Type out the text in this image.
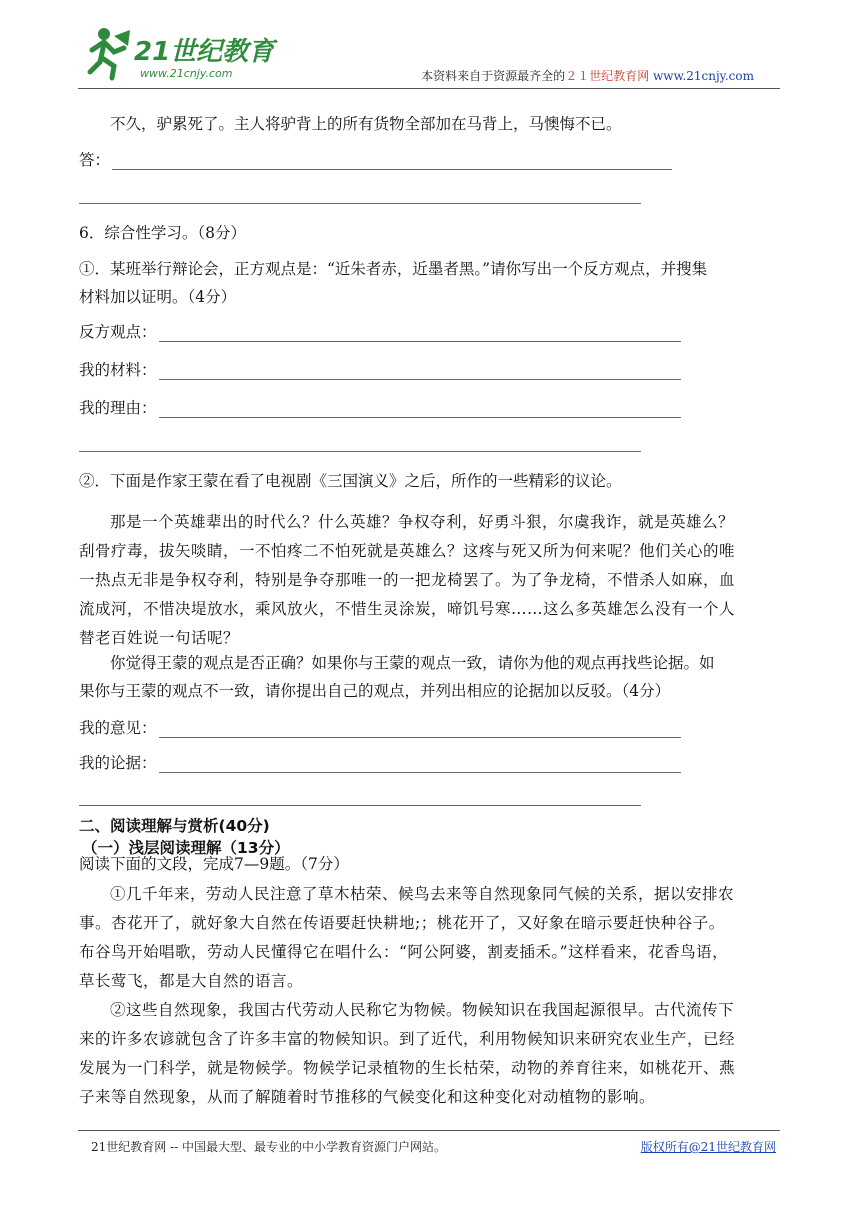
21世纪教育
www.21cnjy.com	本资料来自于资源最齐全的２１世纪教育网 www.21cnjy.com

不久，驴累死了。主人将驴背上的所有货物全部加在马背上，马懊悔不已。

答：

6．综合性学习。（8分）

①．某班举行辩论会，正方观点是：“近朱者赤，近墨者黑。”请你写出一个反方观点，并搜集

材料加以证明。（4分）

反方观点：
我的材料：
我的理由：

②．下面是作家王蒙在看了电视剧《三国演义》之后，所作的一些精彩的议论。

那是一个英雄辈出的时代么？什么英雄？争权夺利，好勇斗狠，尔虞我诈，就是英雄么？

刮骨疗毒，拔矢啖睛，一不怕疼二不怕死就是英雄么？这疼与死又所为何来呢？他们关心的唯

一热点无非是争权夺利，特别是争夺那唯一的一把龙椅罢了。为了争龙椅，不惜杀人如麻，血

流成河，不惜决堤放水，乘风放火，不惜生灵涂炭，啼饥号寒……这么多英雄怎么没有一个人

替老百姓说一句话呢？

你觉得王蒙的观点是否正确？如果你与王蒙的观点一致，请你为他的观点再找些论据。如

果你与王蒙的观点不一致，请你提出自己的观点，并列出相应的论据加以反驳。（4分）

我的意见：
我的论据：
二、阅读理解与赏析(40分)
（一）浅层阅读理解（13分）

阅读下面的文段，完成7—9题。（7分）

①几千年来，劳动人民注意了草木枯荣、候鸟去来等自然现象同气候的关系，据以安排农

事。杏花开了，就好象大自然在传语要赶快耕地;；桃花开了，又好象在暗示要赶快种谷子。

布谷鸟开始唱歌，劳动人民懂得它在唱什么：“阿公阿婆，割麦插禾。”这样看来，花香鸟语，

草长莺飞，都是大自然的语言。

②这些自然现象，我国古代劳动人民称它为物候。物候知识在我国起源很早。古代流传下

来的许多农谚就包含了许多丰富的物候知识。到了近代，利用物候知识来研究农业生产，已经

发展为一门科学，就是物候学。物候学记录植物的生长枯荣，动物的养育往来，如桃花开、燕

子来等自然现象，从而了解随着时节推移的气候变化和这种变化对动植物的影响。

21世纪教育网 -- 中国最大型、最专业的中小学教育资源门户网站。	版权所有@21世纪教育网
